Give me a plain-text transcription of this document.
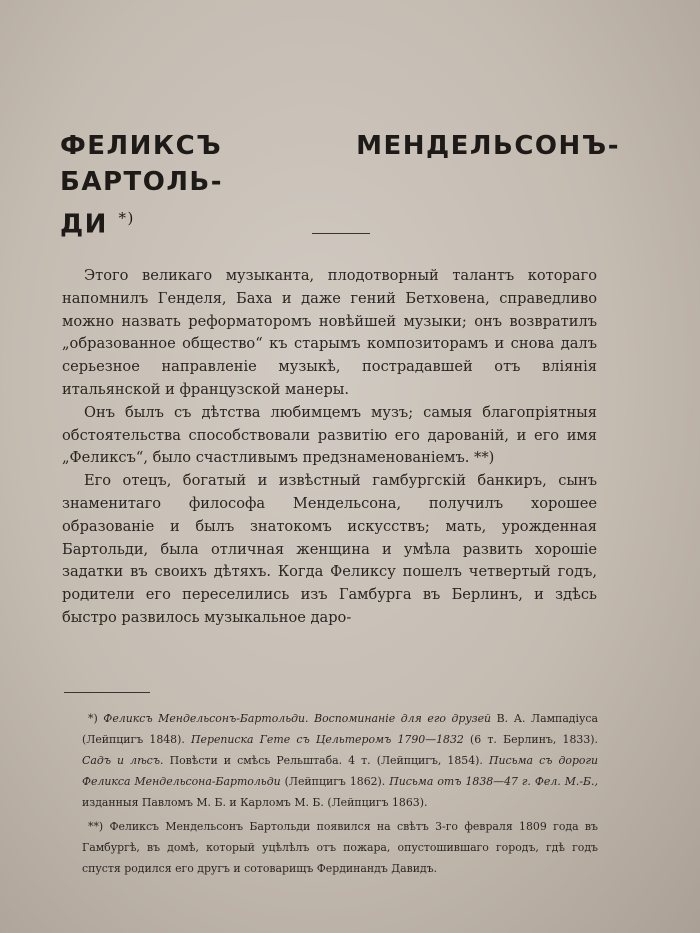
ФЕЛИКСЪ МЕНДЕЛЬСОНЪ-БАРТОЛЬ-
ДИ *)

Этого великаго музыканта, плодотворный талантъ котораго напомнилъ Генделя, Баха и даже гений Бетховена, справедливо можно назвать реформаторомъ новѣйшей музыки; онъ возвратилъ „образованное общество“ къ старымъ композиторамъ и снова далъ серьезное направленіе музыкѣ, пострадавшей отъ вліянія итальянской и французской манеры.

Онъ былъ съ дѣтства любимцемъ музъ; самыя благопріятныя обстоятельства способствовали развитію его дарованій, и его имя „Феликсъ“, было счастливымъ предзнаменованіемъ. **)

Его отецъ, богатый и извѣстный гамбургскій банкиръ, сынъ знаменитаго философа Мендельсона, получилъ хорошее образованіе и былъ знатокомъ искусствъ; мать, урожденная Бартольди, была отличная женщина и умѣла развить хорошіе задатки въ своихъ дѣтяхъ. Когда Феликсу пошелъ четвертый годъ, родители его переселились изъ Гамбурга въ Берлинъ, и здѣсь быстро развилось музыкальное даро-

*) Феликсъ Мендельсонъ-Бартольди. Воспоминаніе для его друзей В. А. Лампадіуса (Лейпцигъ 1848). Переписка Гете съ Цельтеромъ 1790—1832 (6 т. Берлинъ, 1833). Садъ и лѣсъ. Повѣсти и смѣсь Рельштаба. 4 т. (Лейпцигъ, 1854). Письма съ дороги Феликса Мендельсона-Бартольди (Лейпцигъ 1862). Письма отъ 1838—47 г. Фел. М.-Б., изданныя Павломъ М. Б. и Карломъ М. Б. (Лейпцигъ 1863).

**) Феликсъ Мендельсонъ Бартольди появился на свѣтъ 3-го февраля 1809 года въ Гамбургѣ, въ домѣ, который уцѣлѣлъ отъ пожара, опустошившаго городъ, гдѣ годъ спустя родился его другъ и сотоварищъ Фердинандъ Давидъ.
